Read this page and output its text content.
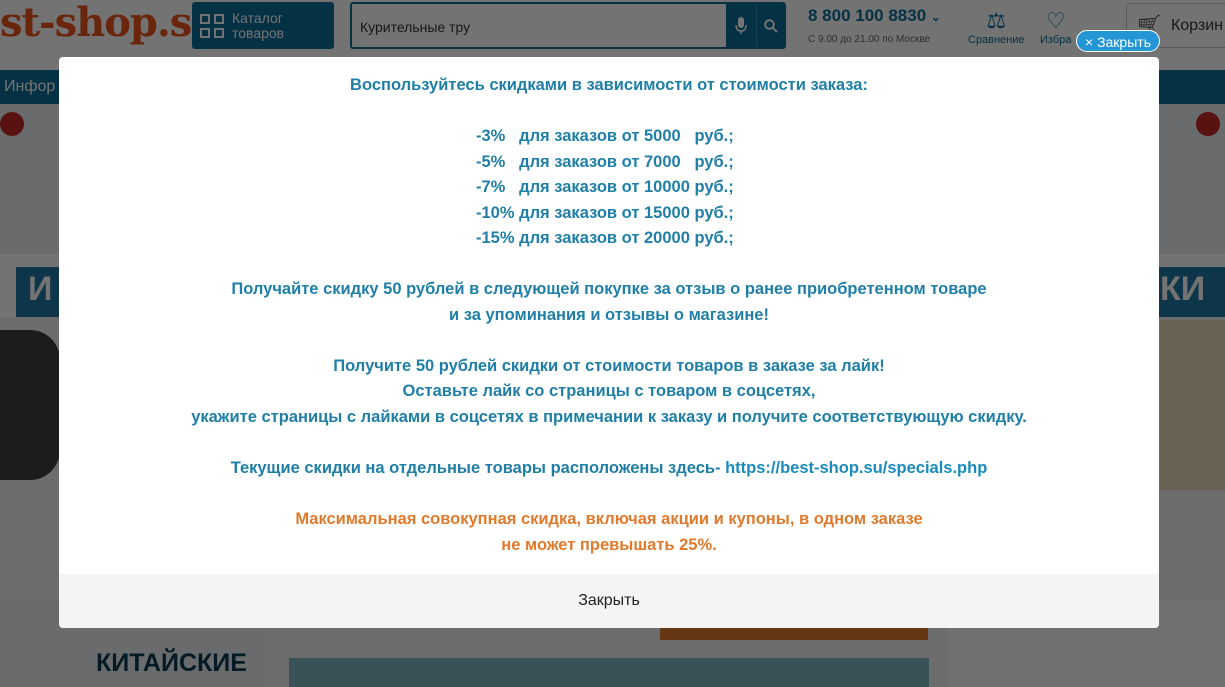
Курительные тру
Воспользуйтесь скидками в зависимости от стоимости заказа:
-3%   для заказов от 5000   руб.;
-5%   для заказов от 7000   руб.;
-7%   для заказов от 10000 руб.;
-10% для заказов от 15000 руб.;
-15% для заказов от 20000 руб.;
Получайте скидку 50 рублей в следующей покупке за отзыв о ранее приобретенном товаре
и за упоминания и отзывы о магазине!
Получите 50 рублей скидки от стоимости товаров в заказе за лайк!
Оставьте лайк со страницы с товаром в соцсетях,
укажите страницы с лайками в соцсетях в примечании к заказу и получите соответствующую скидку.
Текущие скидки на отдельные товары расположены здесь- https://best-shop.su/specials.php
Максимальная совокупная скидка, включая акции и купоны, в одном заказе
не может превышать 25%.
Закрыть
× Закрыть
